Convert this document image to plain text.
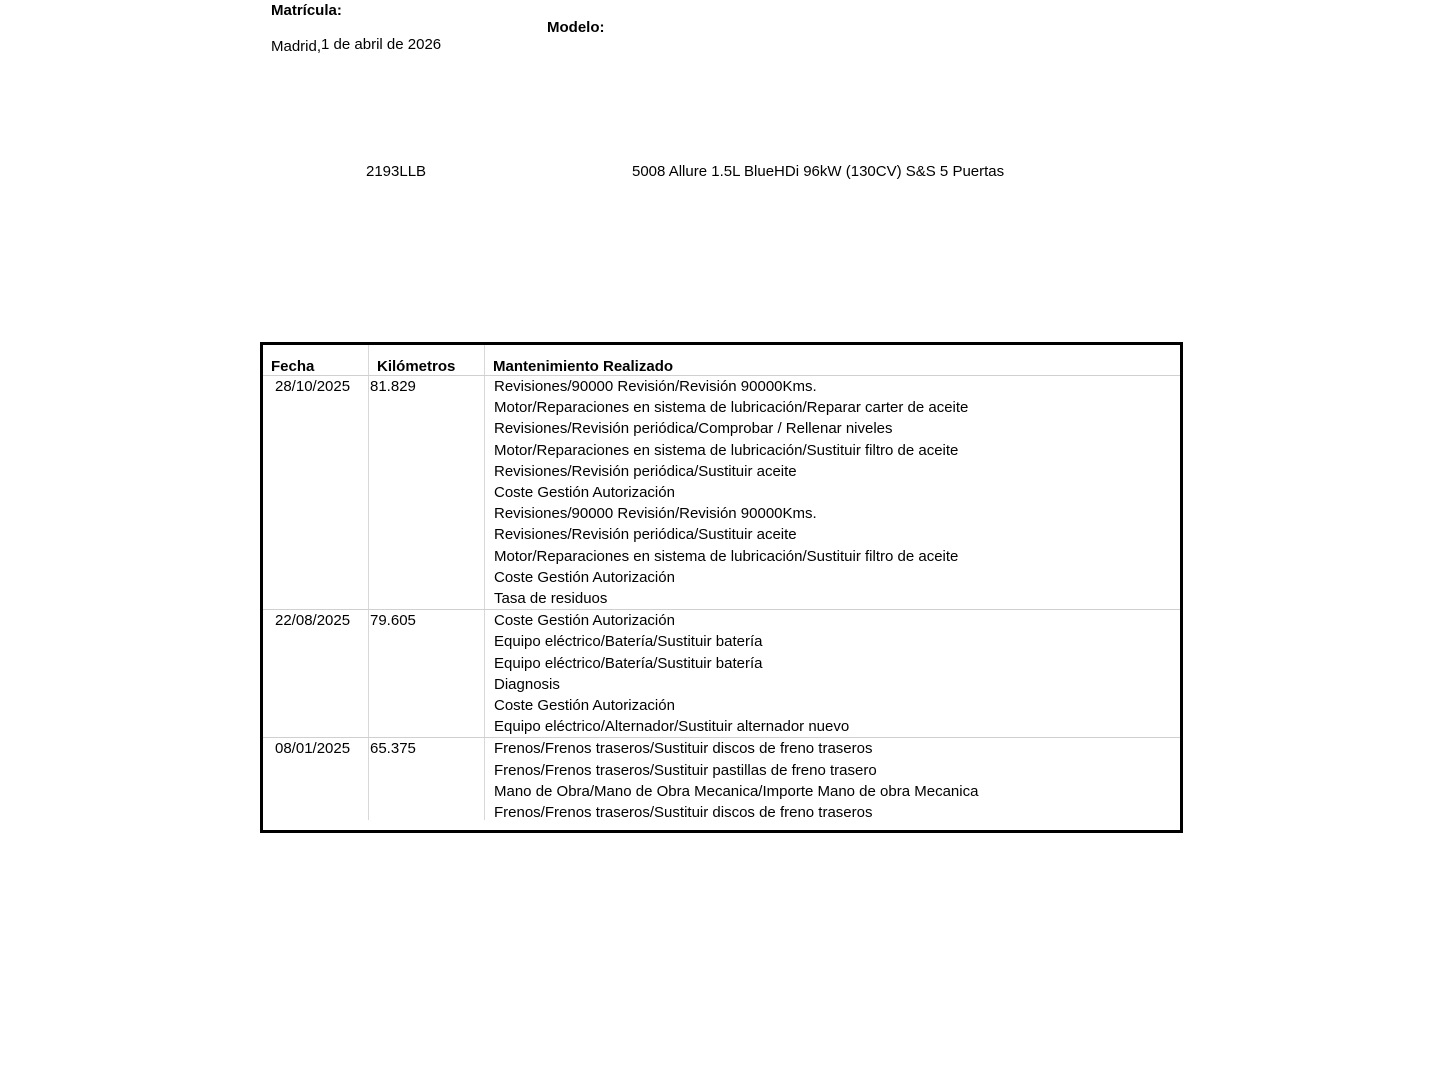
Madrid,1 de abril de 2026
Matrícula:
2193LLB
Modelo:
5008 Allure 1.5L BlueHDi 96kW (130CV) S&S 5 Puertas
Fecha	Kilómetros	Mantenimiento Realizado
28/10/2025 81.829	Revisiones/90000 Revisión/Revisión 90000Kms.
Motor/Reparaciones en sistema de lubricación/Reparar carter de aceite
Revisiones/Revisión periódica/Comprobar / Rellenar niveles
Motor/Reparaciones en sistema de lubricación/Sustituir filtro de aceite
Revisiones/Revisión periódica/Sustituir aceite
Coste Gestión Autorización
Revisiones/90000 Revisión/Revisión 90000Kms.
Revisiones/Revisión periódica/Sustituir aceite
Motor/Reparaciones en sistema de lubricación/Sustituir filtro de aceite
Coste Gestión Autorización
Tasa de residuos
22/08/2025 79.605	Coste Gestión Autorización
Equipo eléctrico/Batería/Sustituir batería
Equipo eléctrico/Batería/Sustituir batería
Diagnosis
Coste Gestión Autorización
Equipo eléctrico/Alternador/Sustituir alternador nuevo
08/01/2025 65.375	Frenos/Frenos traseros/Sustituir discos de freno traseros
Frenos/Frenos traseros/Sustituir pastillas de freno trasero
Mano de Obra/Mano de Obra Mecanica/Importe Mano de obra Mecanica
Frenos/Frenos traseros/Sustituir discos de freno traseros
